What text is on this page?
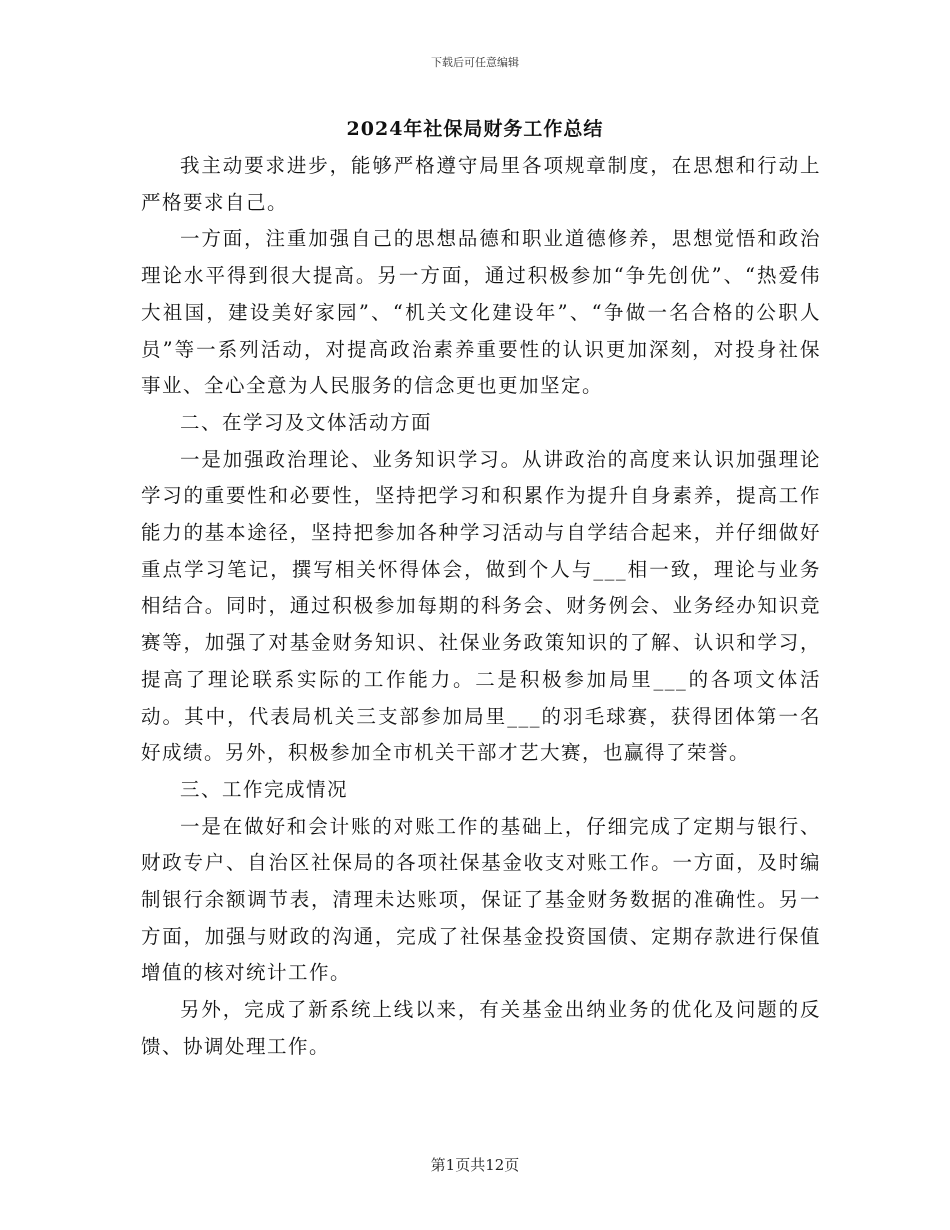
下载后可任意编辑
2024年社保局财务工作总结

我主动要求进步，能够严格遵守局里各项规章制度，在思想和行动上严格要求自己。

一方面，注重加强自己的思想品德和职业道德修养，思想觉悟和政治理论水平得到很大提高。另一方面，通过积极参加“争先创优”、“热爱伟大祖国，建设美好家园”、“机关文化建设年”、“争做一名合格的公职人员”等一系列活动，对提高政治素养重要性的认识更加深刻，对投身社保事业、全心全意为人民服务的信念更也更加坚定。

二、在学习及文体活动方面

一是加强政治理论、业务知识学习。从讲政治的高度来认识加强理论学习的重要性和必要性，坚持把学习和积累作为提升自身素养，提高工作能力的基本途径，坚持把参加各种学习活动与自学结合起来，并仔细做好重点学习笔记，撰写相关怀得体会，做到个人与___相一致，理论与业务相结合。同时，通过积极参加每期的科务会、财务例会、业务经办知识竞赛等，加强了对基金财务知识、社保业务政策知识的了解、认识和学习，提高了理论联系实际的工作能力。二是积极参加局里___的各项文体活动。其中，代表局机关三支部参加局里___的羽毛球赛，获得团体第一名好成绩。另外，积极参加全市机关干部才艺大赛，也赢得了荣誉。

三、工作完成情况

一是在做好和会计账的对账工作的基础上，仔细完成了定期与银行、财政专户、自治区社保局的各项社保基金收支对账工作。一方面，及时编制银行余额调节表，清理未达账项，保证了基金财务数据的准确性。另一方面，加强与财政的沟通，完成了社保基金投资国债、定期存款进行保值增值的核对统计工作。

另外，完成了新系统上线以来，有关基金出纳业务的优化及问题的反馈、协调处理工作。

第1页共12页
